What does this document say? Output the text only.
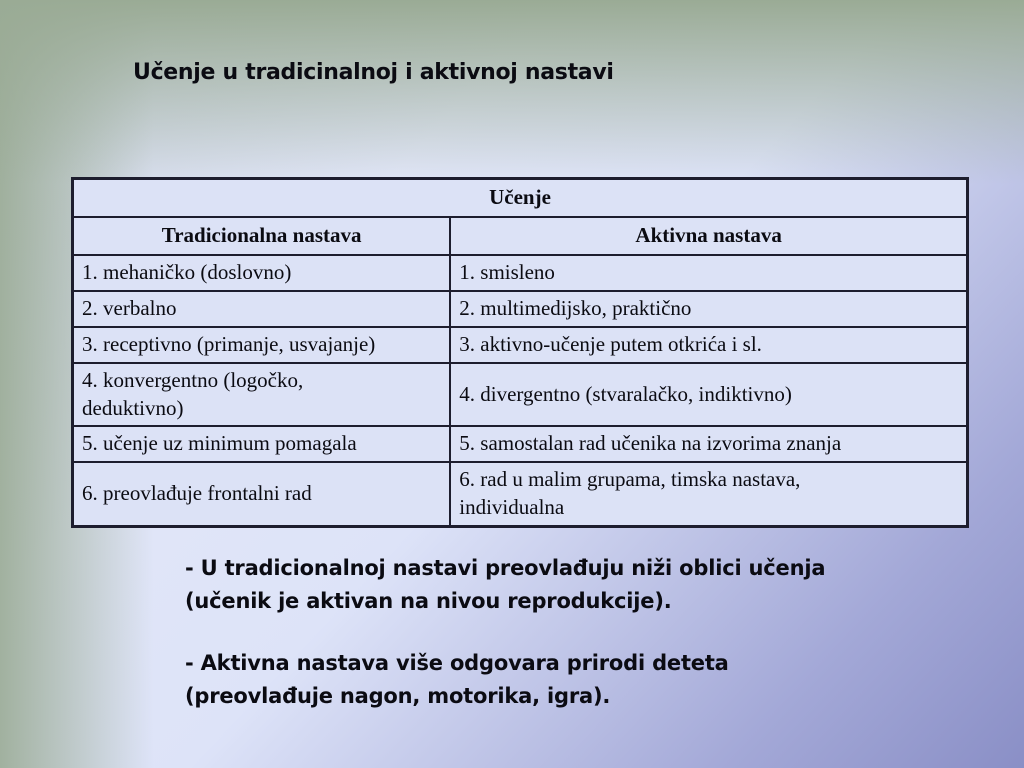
Učenje u tradicinalnoj i aktivnoj nastavi
Učenje	
Tradicionalna nastava	Aktivna nastava
1. mehaničko (doslovno)	1. smisleno
2. verbalno	2. multimedijsko, praktično
3. receptivno (primanje, usvajanje)	3. aktivno-učenje putem otkrića i sl.
4. konvergentno (logočko,
deduktivno)	4. divergentno (stvaralačko, indiktivno)
5. učenje uz minimum pomagala	5. samostalan rad učenika na izvorima znanja
6. preovlađuje frontalni rad	6. rad u malim grupama, timska nastava,
individualna

- U tradicionalnoj nastavi preovlađuju niži oblici učenja
(učenik je aktivan na nivou reprodukcije).

- Aktivna nastava više odgovara prirodi deteta
(preovlađuje nagon, motorika, igra).
